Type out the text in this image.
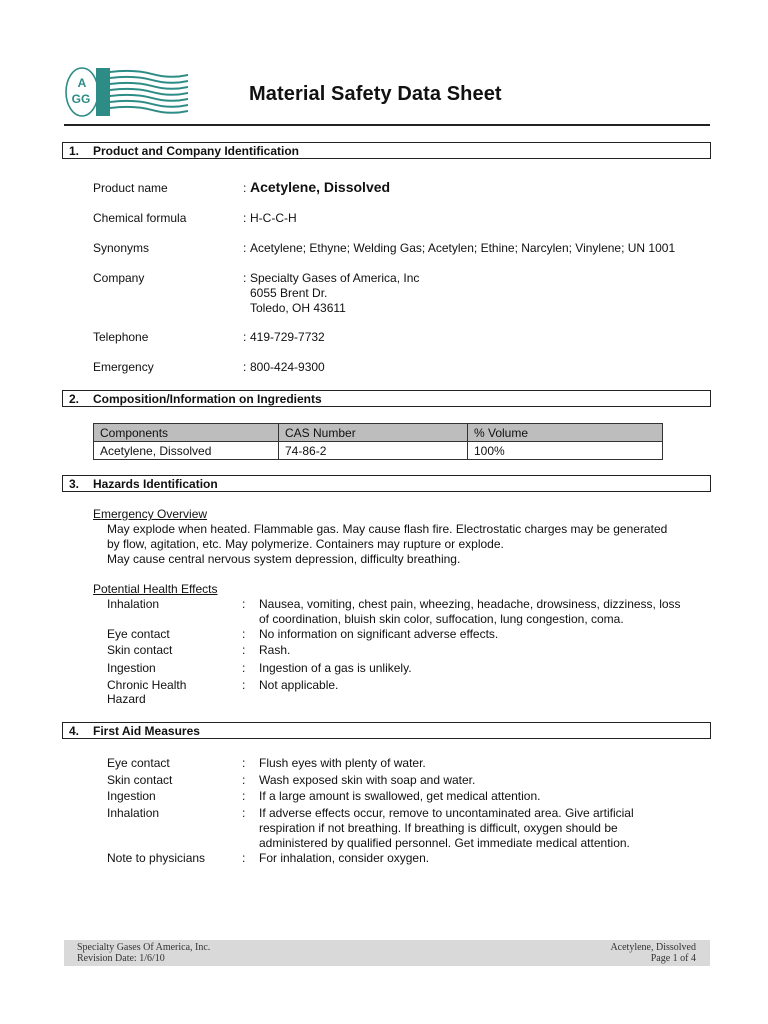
A
GG	Material Safety Data Sheet
1. Product and Company Identification
Product name	: Acetylene, Dissolved
Chemical formula	: H-C-C-H
Synonyms	: Acetylene; Ethyne; Welding Gas; Acetylen; Ethine; Narcylen; Vinylene; UN 1001
Company	: Specialty Gases of America, Inc
6055 Brent Dr.
Toledo, OH 43611
Telephone	: 419-729-7732
Emergency	: 800-424-9300
2. Composition/Information on Ingredients
Components	CAS Number	% Volume
Acetylene, Dissolved	74-86-2	100%
3. Hazards Identification
Emergency Overview
May explode when heated. Flammable gas. May cause flash fire. Electrostatic charges may be generated
by flow, agitation, etc. May polymerize. Containers may rupture or explode.
May cause central nervous system depression, difficulty breathing.
Potential Health Effects
Inhalation	: Nausea, vomiting, chest pain, wheezing, headache, drowsiness, dizziness, loss
of coordination, bluish skin color, suffocation, lung congestion, coma.
Eye contact	: No information on significant adverse effects.
Skin contact	: Rash.
Ingestion	: Ingestion of a gas is unlikely.
Chronic Health
Hazard
: Not applicable.
4. First Aid Measures
Eye contact	: Flush eyes with plenty of water.
Skin contact	: Wash exposed skin with soap and water.
Ingestion	: If a large amount is swallowed, get medical attention.
Inhalation	: If adverse effects occur, remove to uncontaminated area. Give artificial
respiration if not breathing. If breathing is difficult, oxygen should be
administered by qualified personnel. Get immediate medical attention.
Note to physicians	: For inhalation, consider oxygen.
Specialty Gases Of America, Inc.
Revision Date: 1/6/10
Acetylene, Dissolved
Page 1 of 4
